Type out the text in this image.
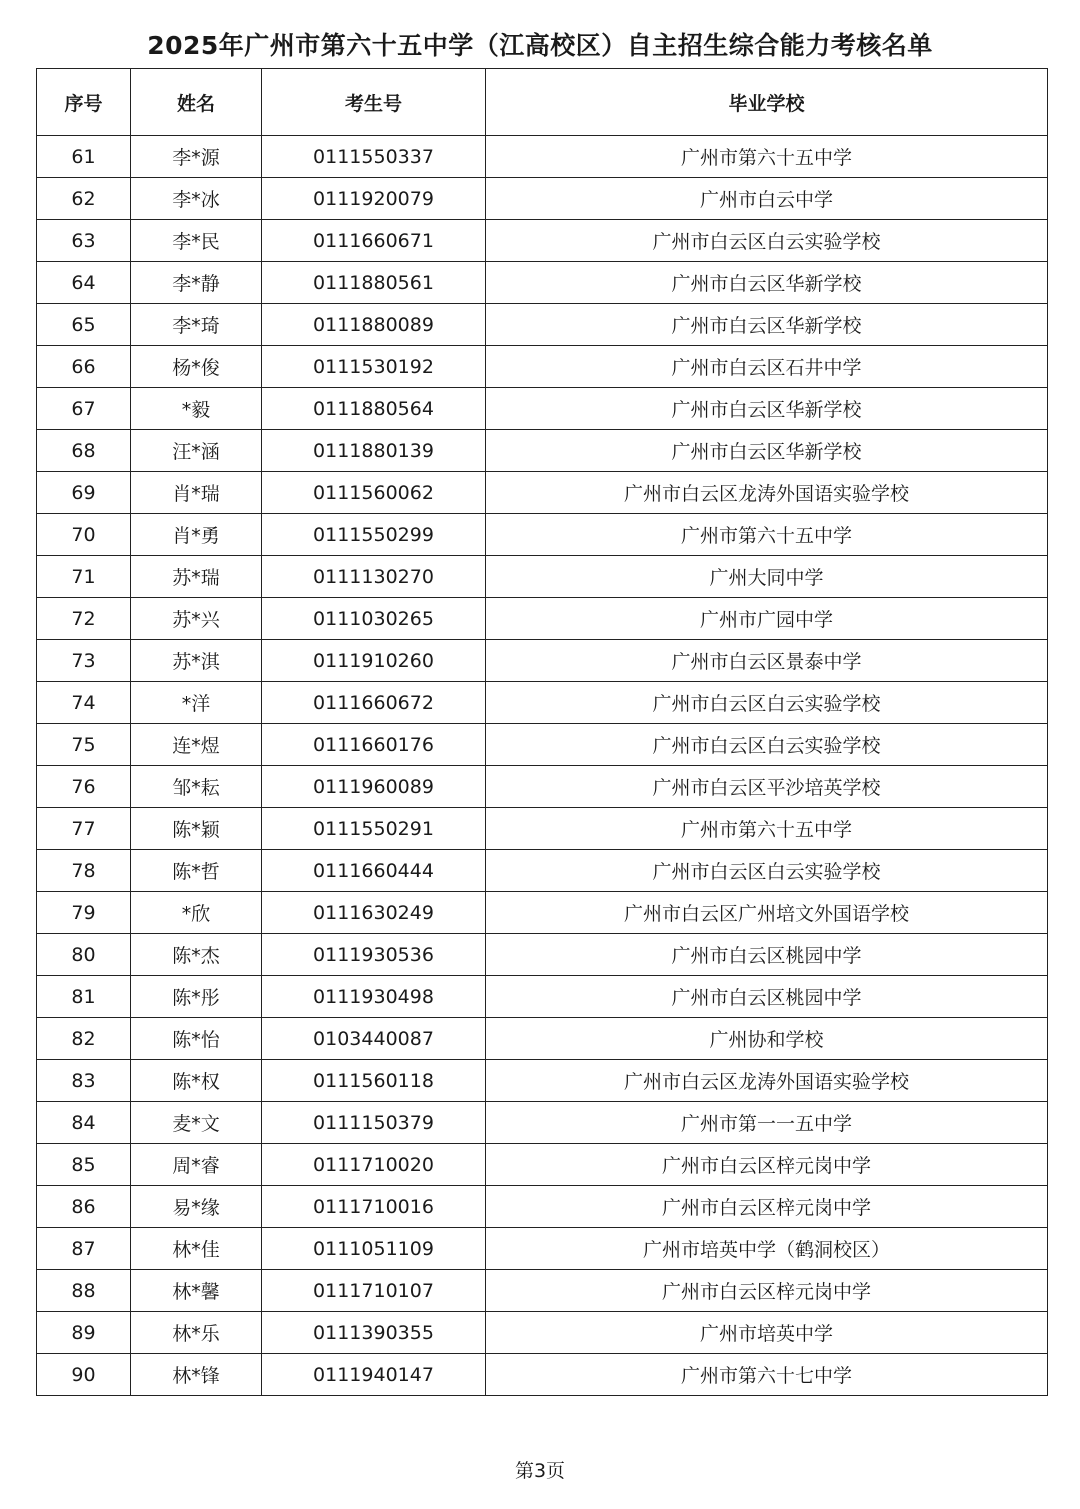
2025年广州市第六十五中学（江高校区）自主招生综合能力考核名单
序号	姓名	考生号	毕业学校
61	李*源	0111550337	广州市第六十五中学
62	李*冰	0111920079	广州市白云中学
63	李*民	0111660671	广州市白云区白云实验学校
64	李*静	0111880561	广州市白云区华新学校
65	李*琦	0111880089	广州市白云区华新学校
66	杨*俊	0111530192	广州市白云区石井中学
67	*毅	0111880564	广州市白云区华新学校
68	汪*涵	0111880139	广州市白云区华新学校
69	肖*瑞	0111560062	广州市白云区龙涛外国语实验学校
70	肖*勇	0111550299	广州市第六十五中学
71	苏*瑞	0111130270	广州大同中学
72	苏*兴	0111030265	广州市广园中学
73	苏*淇	0111910260	广州市白云区景泰中学
74	*洋	0111660672	广州市白云区白云实验学校
75	连*煜	0111660176	广州市白云区白云实验学校
76	邹*耘	0111960089	广州市白云区平沙培英学校
77	陈*颖	0111550291	广州市第六十五中学
78	陈*哲	0111660444	广州市白云区白云实验学校
79	*欣	0111630249	广州市白云区广州培文外国语学校
80	陈*杰	0111930536	广州市白云区桃园中学
81	陈*彤	0111930498	广州市白云区桃园中学
82	陈*怡	0103440087	广州协和学校
83	陈*权	0111560118	广州市白云区龙涛外国语实验学校
84	麦*文	0111150379	广州市第一一五中学
85	周*睿	0111710020	广州市白云区梓元岗中学
86	易*缘	0111710016	广州市白云区梓元岗中学
87	林*佳	0111051109	广州市培英中学（鹤洞校区）
88	林*馨	0111710107	广州市白云区梓元岗中学
89	林*乐	0111390355	广州市培英中学
90	林*锋	0111940147	广州市第六十七中学
第3页
